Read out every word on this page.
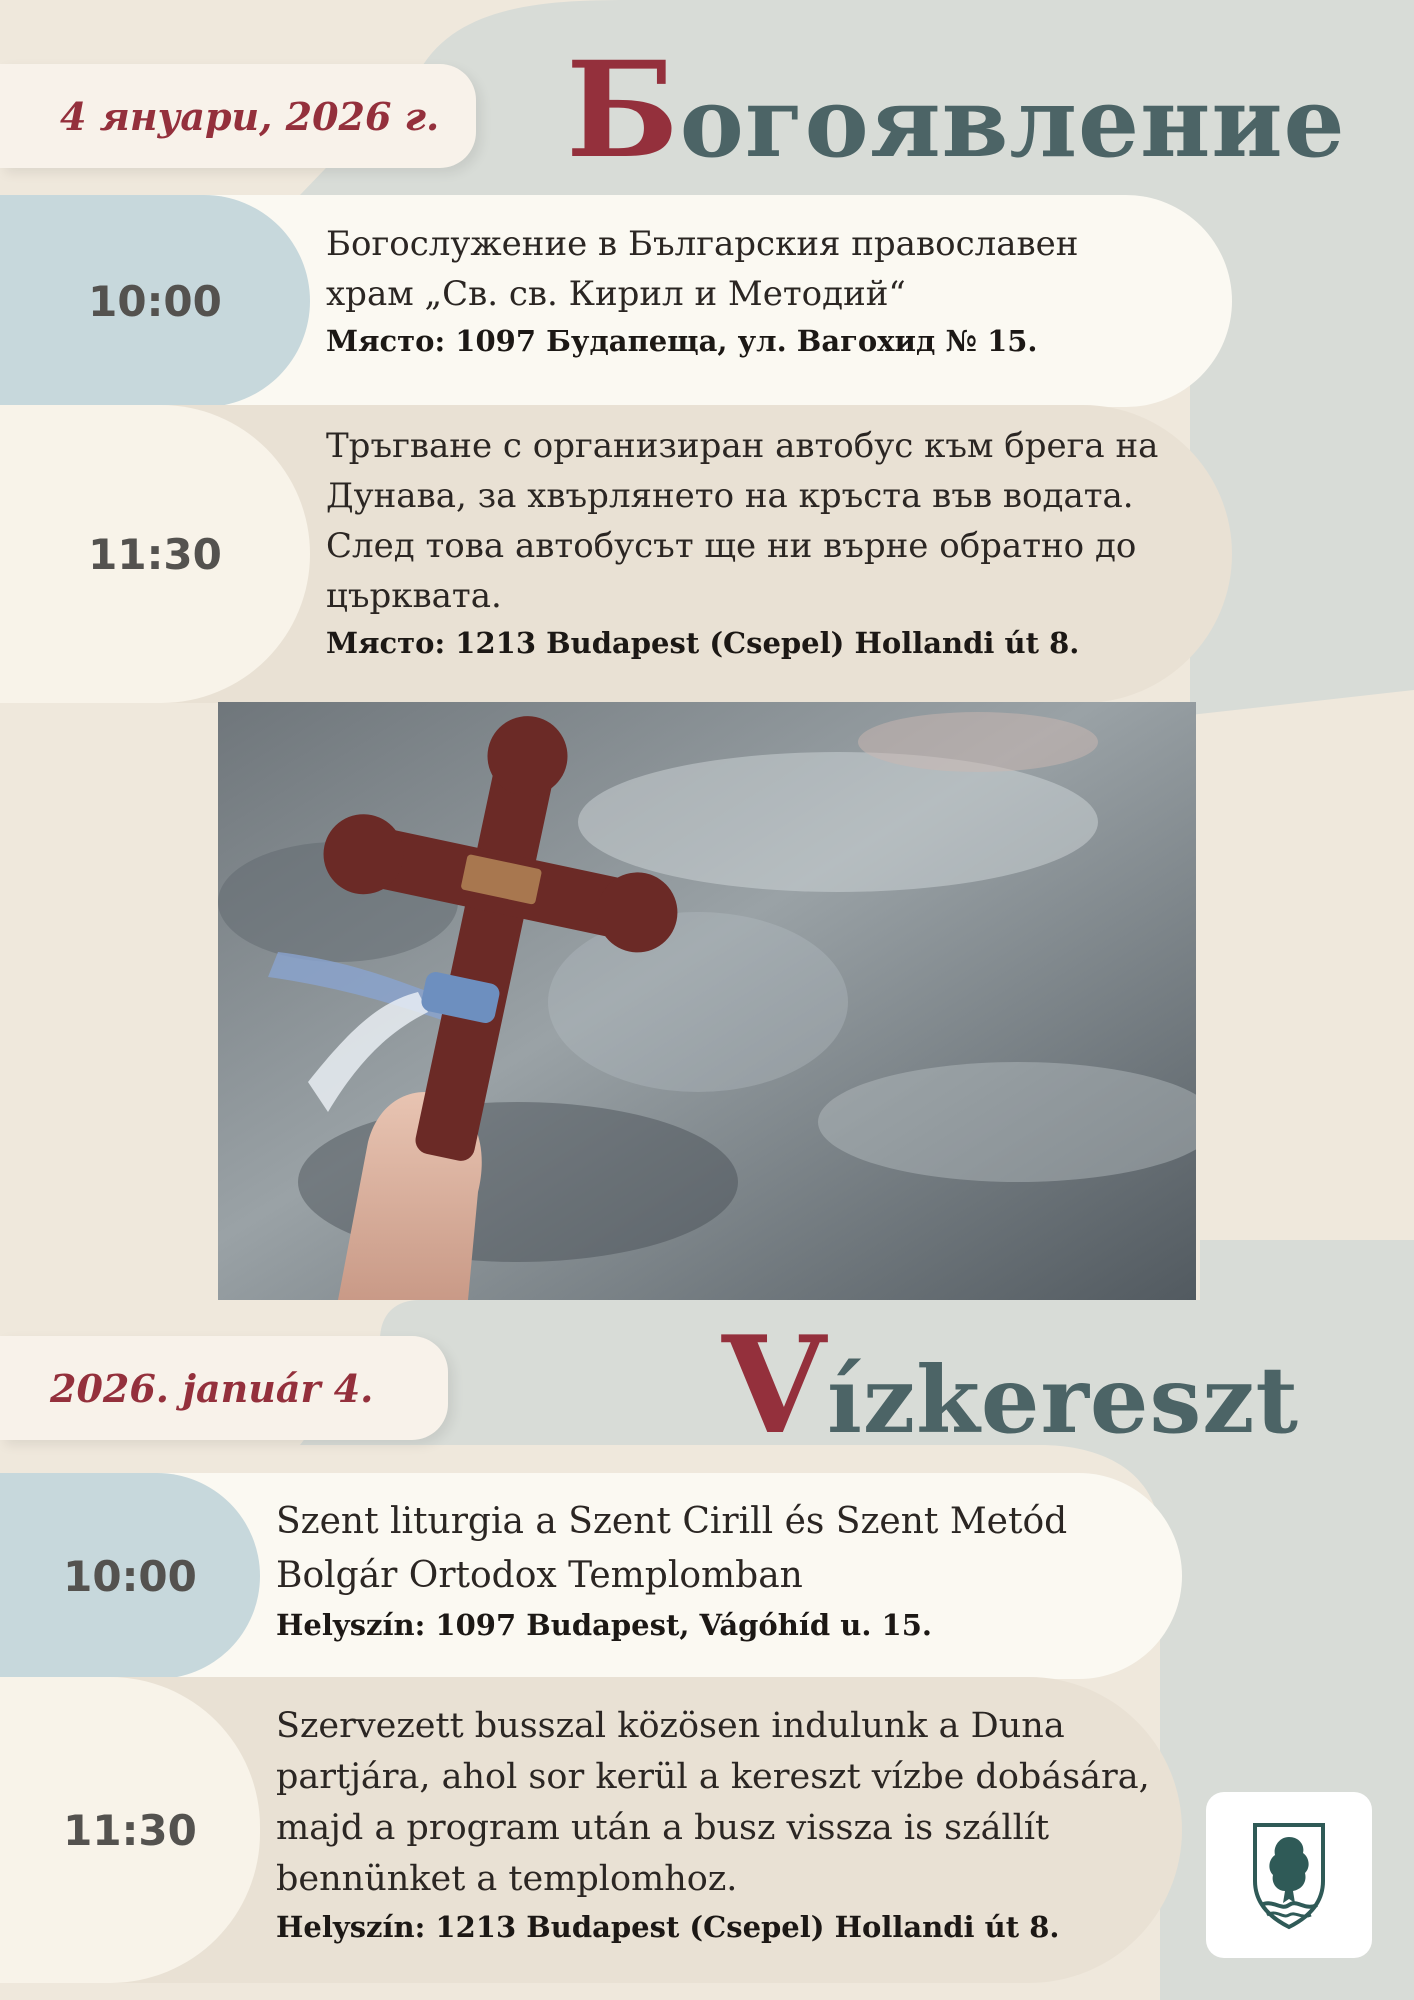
4 януари, 2026 г. Богоявление
10:00
Богослужение в Българския православен
храм „Св. св. Кирил и Методий“
Място: 1097 Будапеща, ул. Вагохид № 15.
11:30
Тръгване с организиран автобус към брега на
Дунава, за хвърлянето на кръста във водата.
След това автобусът ще ни върне обратно до
църквата.
Място: 1213 Budapest (Csepel) Hollandi út 8.
2026. január 4.	Vízkereszt
10:00
Szent liturgia a Szent Cirill és Szent Metód
Bolgár Ortodox Templomban
Helyszín: 1097 Budapest, Vágóhíd u. 15.
11:30
Szervezett busszal közösen indulunk a Duna
partjára, ahol sor kerül a kereszt vízbe dobására,
majd a program után a busz vissza is szállít
bennünket a templomhoz.
Helyszín: 1213 Budapest (Csepel) Hollandi út 8.
